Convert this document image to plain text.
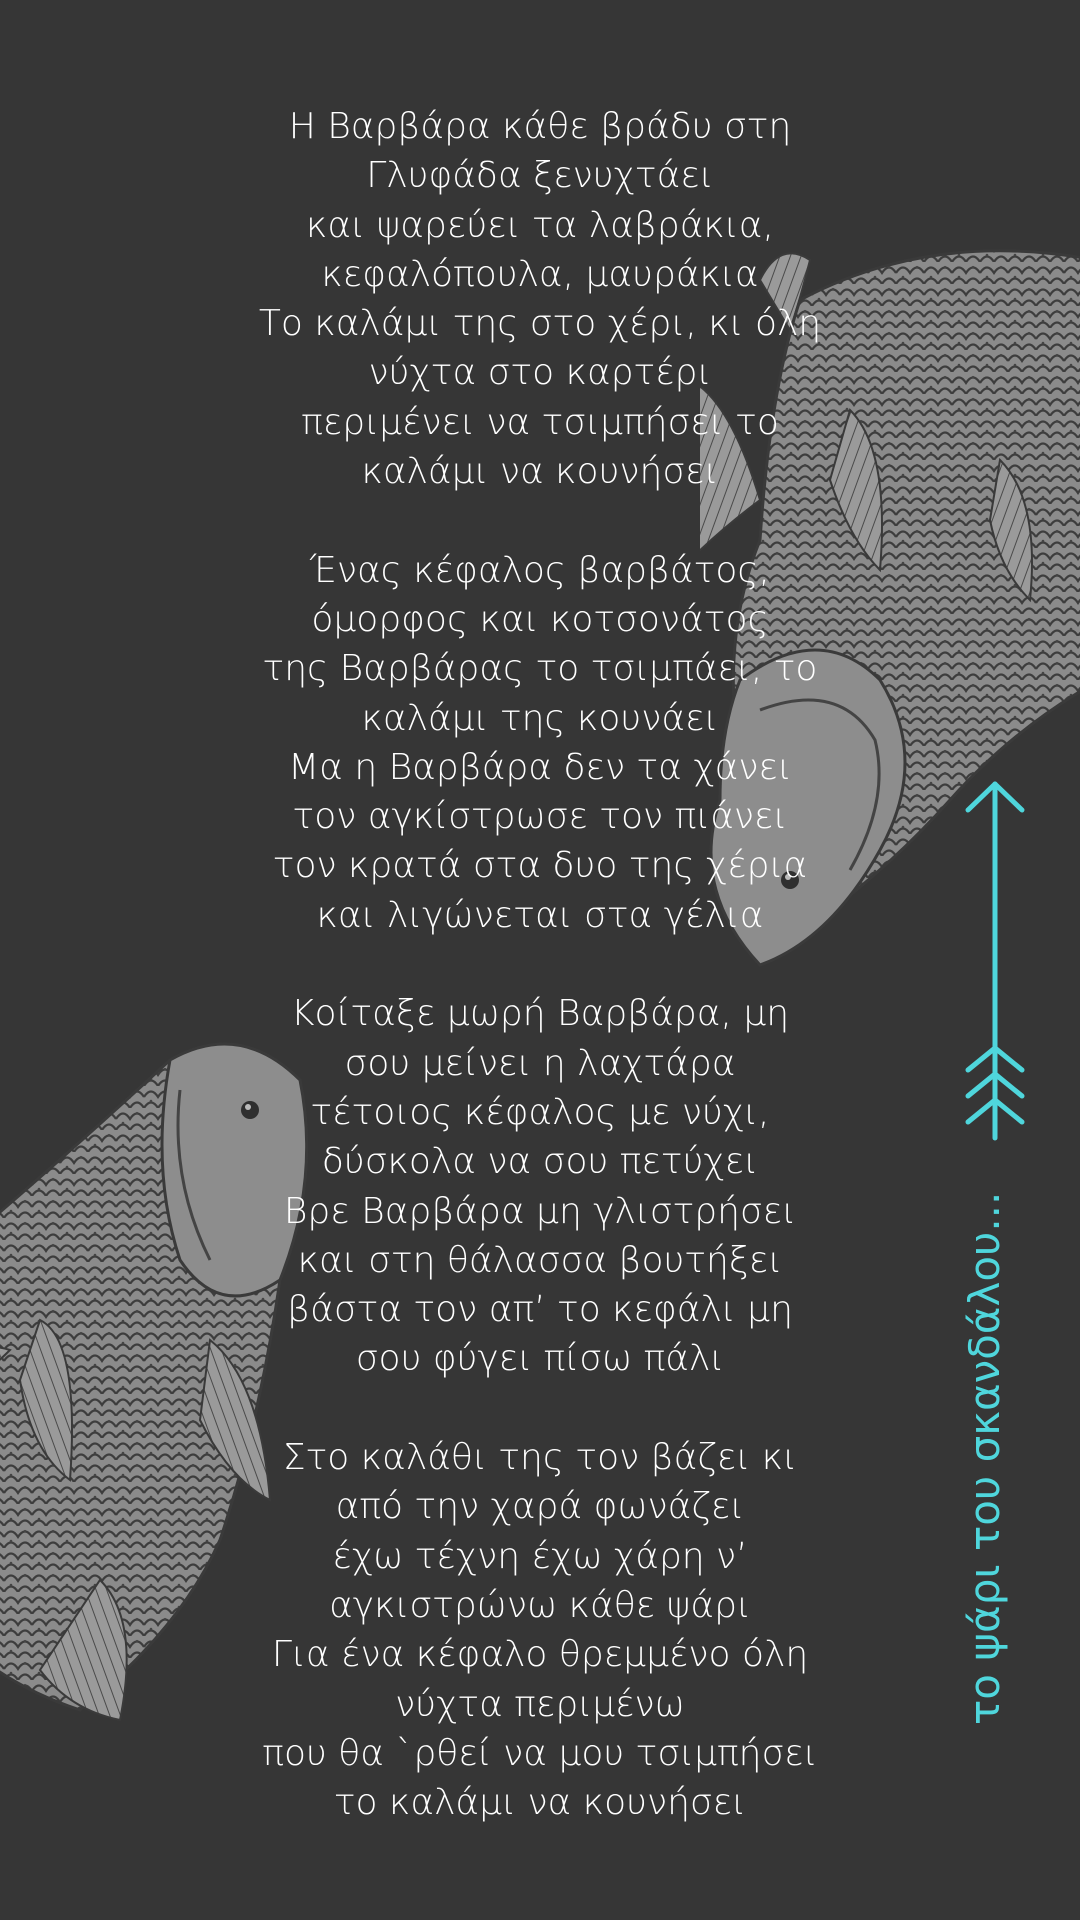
Η Βαρβάρα κάθε βράδυ στη
Γλυφάδα ξενυχτάει
και ψαρεύει τα λαβράκια,
κεφαλόπουλα, μαυράκια
Το καλάμι της στο χέρι, κι όλη
νύχτα στο καρτέρι
περιμένει να τσιμπήσει το
καλάμι να κουνήσει
Ένας κέφαλος βαρβάτος,
όμορφος και κοτσονάτος
της Βαρβάρας το τσιμπάει, το
καλάμι της κουνάει
Μα η Βαρβάρα δεν τα χάνει
τον αγκίστρωσε τον πιάνει
τον κρατά στα δυο της χέρια
και λιγώνεται στα γέλια
Κοίταξε μωρή Βαρβάρα, μη
σου μείνει η λαχτάρα
τέτοιος κέφαλος με νύχι,
δύσκολα να σου πετύχει
Βρε Βαρβάρα μη γλιστρήσει
και στη θάλασσα βουτήξει
βάστα τον απ’ το κεφάλι μη
σου φύγει πίσω πάλι
Στο καλάθι της τον βάζει κι
από την χαρά φωνάζει
έχω τέχνη έχω χάρη ν’
αγκιστρώνω κάθε ψάρι
Για ένα κέφαλο θρεμμένο όλη
νύχτα περιμένω
που θα `ρθεί να μου τσιμπήσει
το καλάμι να κουνήσει
το ψάρι του σκανδάλου...
